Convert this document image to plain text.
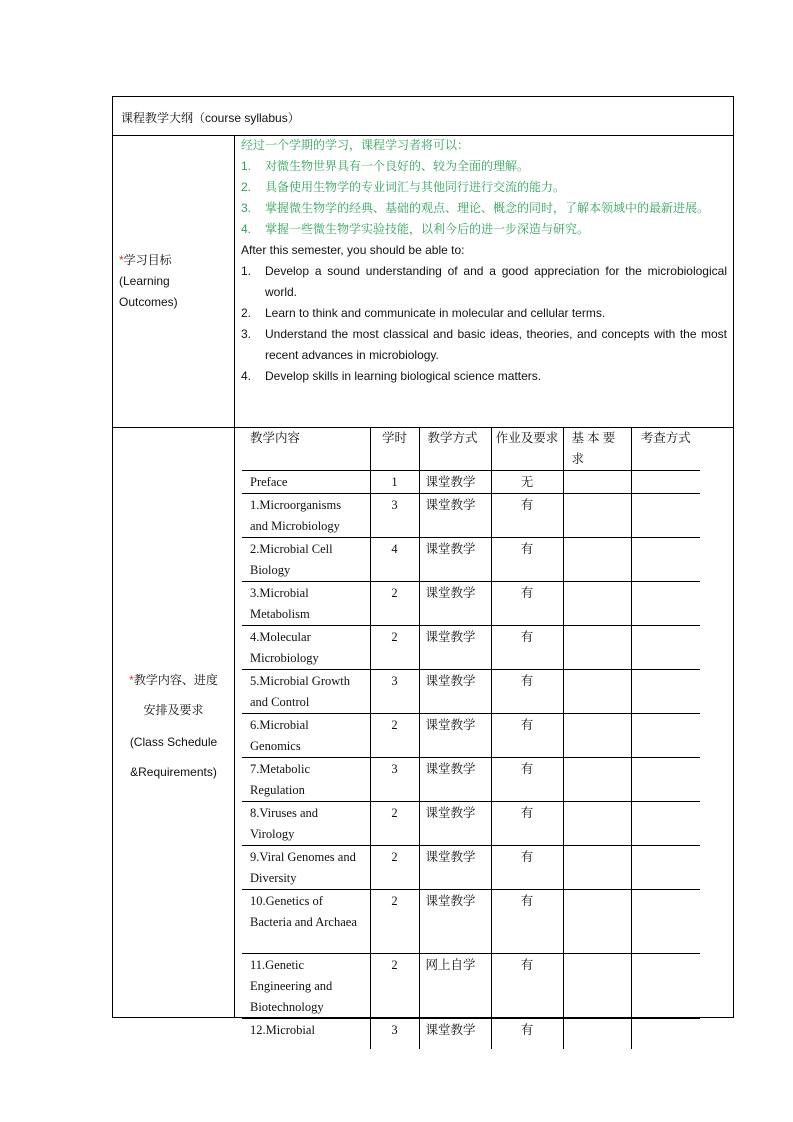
课程教学大纲（course syllabus）
*学习目标
(Learning
Outcomes)
经过一个学期的学习，课程学习者将可以：
1.	对微生物世界具有一个良好的、较为全面的理解。
2.	具备使用生物学的专业词汇与其他同行进行交流的能力。
3.	掌握微生物学的经典、基础的观点、理论、概念的同时，了解本领域中的最新进展。
4.	掌握一些微生物学实验技能，以利今后的进一步深造与研究。
After this semester, you should be able to:
1.	Develop a sound understanding of and a good appreciation for the microbiological world.
2.	Learn to think and communicate in molecular and cellular terms.
3.	Understand the most classical and basic ideas, theories, and concepts with the most recent advances in microbiology.
4.	Develop skills in learning biological science matters.
*教学内容、进度
安排及要求
(Class Schedule
&Requirements)
教学内容	学时	教学方式	作业及要求	基 本 要求	考查方式
Preface	1	课堂教学	无		
1.Microorganisms and Microbiology	3	课堂教学	有		
2.Microbial Cell Biology	4	课堂教学	有		
3.Microbial Metabolism	2	课堂教学	有		
4.Molecular Microbiology	2	课堂教学	有		
5.Microbial Growth and Control	3	课堂教学	有		
6.Microbial Genomics	2	课堂教学	有		
7.Metabolic Regulation	3	课堂教学	有		
8.Viruses and Virology	2	课堂教学	有		
9.Viral Genomes and Diversity	2	课堂教学	有		
10.Genetics of Bacteria and Archaea	2	课堂教学	有		
11.Genetic Engineering and Biotechnology	2	网上自学	有		
12.Microbial	3	课堂教学	有		
